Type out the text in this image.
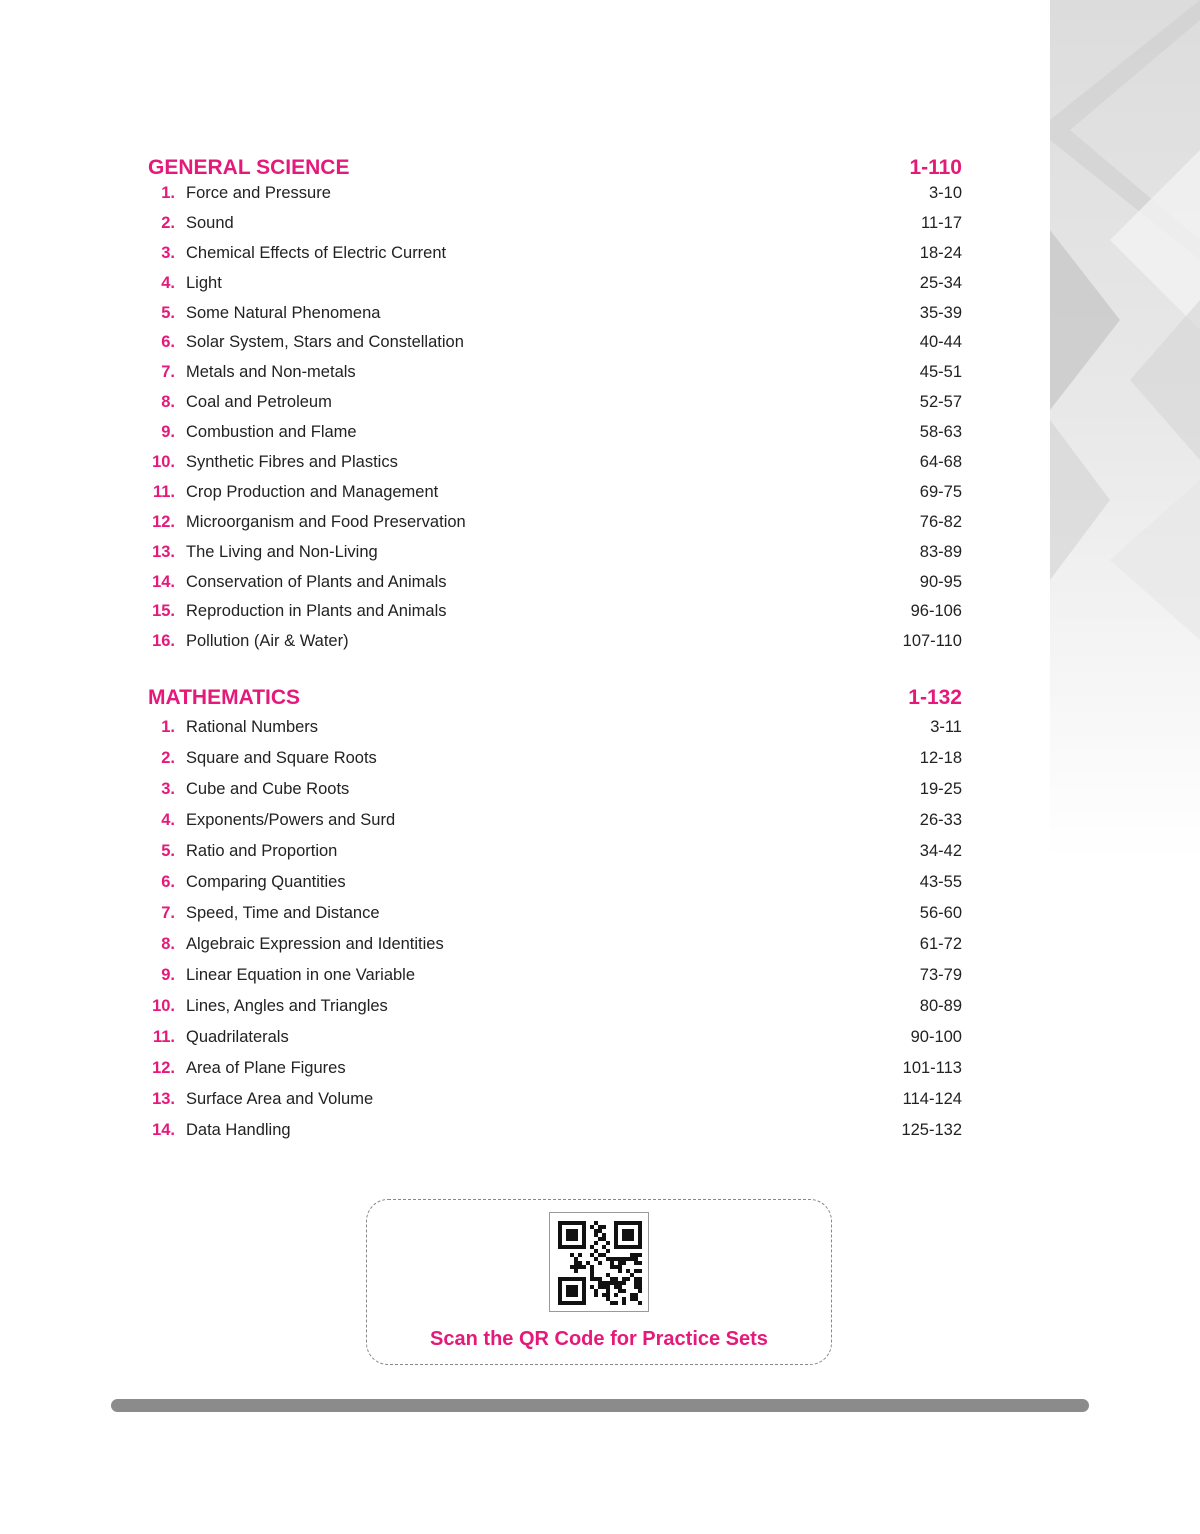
GENERAL SCIENCE	1-110
1. Force and Pressure	3-10
2. Sound	11-17
3. Chemical Effects of Electric Current	18-24
4. Light	25-34
5. Some Natural Phenomena	35-39
6. Solar System, Stars and Constellation	40-44
7. Metals and Non-metals	45-51
8. Coal and Petroleum	52-57
9. Combustion and Flame	58-63
10. Synthetic Fibres and Plastics	64-68
11. Crop Production and Management	69-75
12. Microorganism and Food Preservation	76-82
13. The Living and Non-Living	83-89
14. Conservation of Plants and Animals	90-95
15. Reproduction in Plants and Animals	96-106
16. Pollution (Air & Water)	107-110
MATHEMATICS	1-132
1. Rational Numbers	3-11
2. Square and Square Roots	12-18
3. Cube and Cube Roots	19-25
4. Exponents/Powers and Surd	26-33
5. Ratio and Proportion	34-42
6. Comparing Quantities	43-55
7. Speed, Time and Distance	56-60
8. Algebraic Expression and Identities	61-72
9. Linear Equation in one Variable	73-79
10. Lines, Angles and Triangles	80-89
11. Quadrilaterals	90-100
12. Area of Plane Figures	101-113
13. Surface Area and Volume	114-124
14. Data Handling	125-132
Scan the QR Code for Practice Sets
